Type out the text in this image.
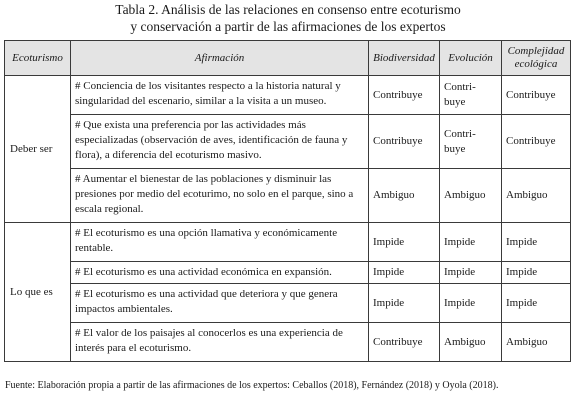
Tabla 2. Análisis de las relaciones en consenso entre ecoturismo
y conservación a partir de las afirmaciones de los expertos
Ecoturismo	Afirmación	Biodiversidad	Evolución	Complejidad ecológica
Deber ser	# Conciencia de los visitantes respecto a la historia natural y singularidad del escenario, similar a la visita a un museo.	Contribuye	Contri-buye	Contribuye
	# Que exista una preferencia por las actividades más especializadas (observación de aves, identificación de fauna y flora), a diferencia del ecoturismo masivo.	Contribuye	Contri-buye	Contribuye
	# Aumentar el bienestar de las poblaciones y disminuir las presiones por medio del ecoturimo, no solo en el parque, sino a escala regional.	Ambiguo	Ambiguo	Ambiguo
Lo que es	# El ecoturismo es una opción llamativa y económicamente rentable.	Impide	Impide	Impide
	# El ecoturismo es una actividad económica en expansión.	Impide	Impide	Impide
	# El ecoturismo es una actividad que deteriora y que genera impactos ambientales.	Impide	Impide	Impide
	# El valor de los paisajes al conocerlos es una experiencia de interés para el ecoturismo.	Contribuye	Ambiguo	Ambiguo
Fuente: Elaboración propia a partir de las afirmaciones de los expertos: Ceballos (2018), Fernández (2018) y Oyola (2018).
